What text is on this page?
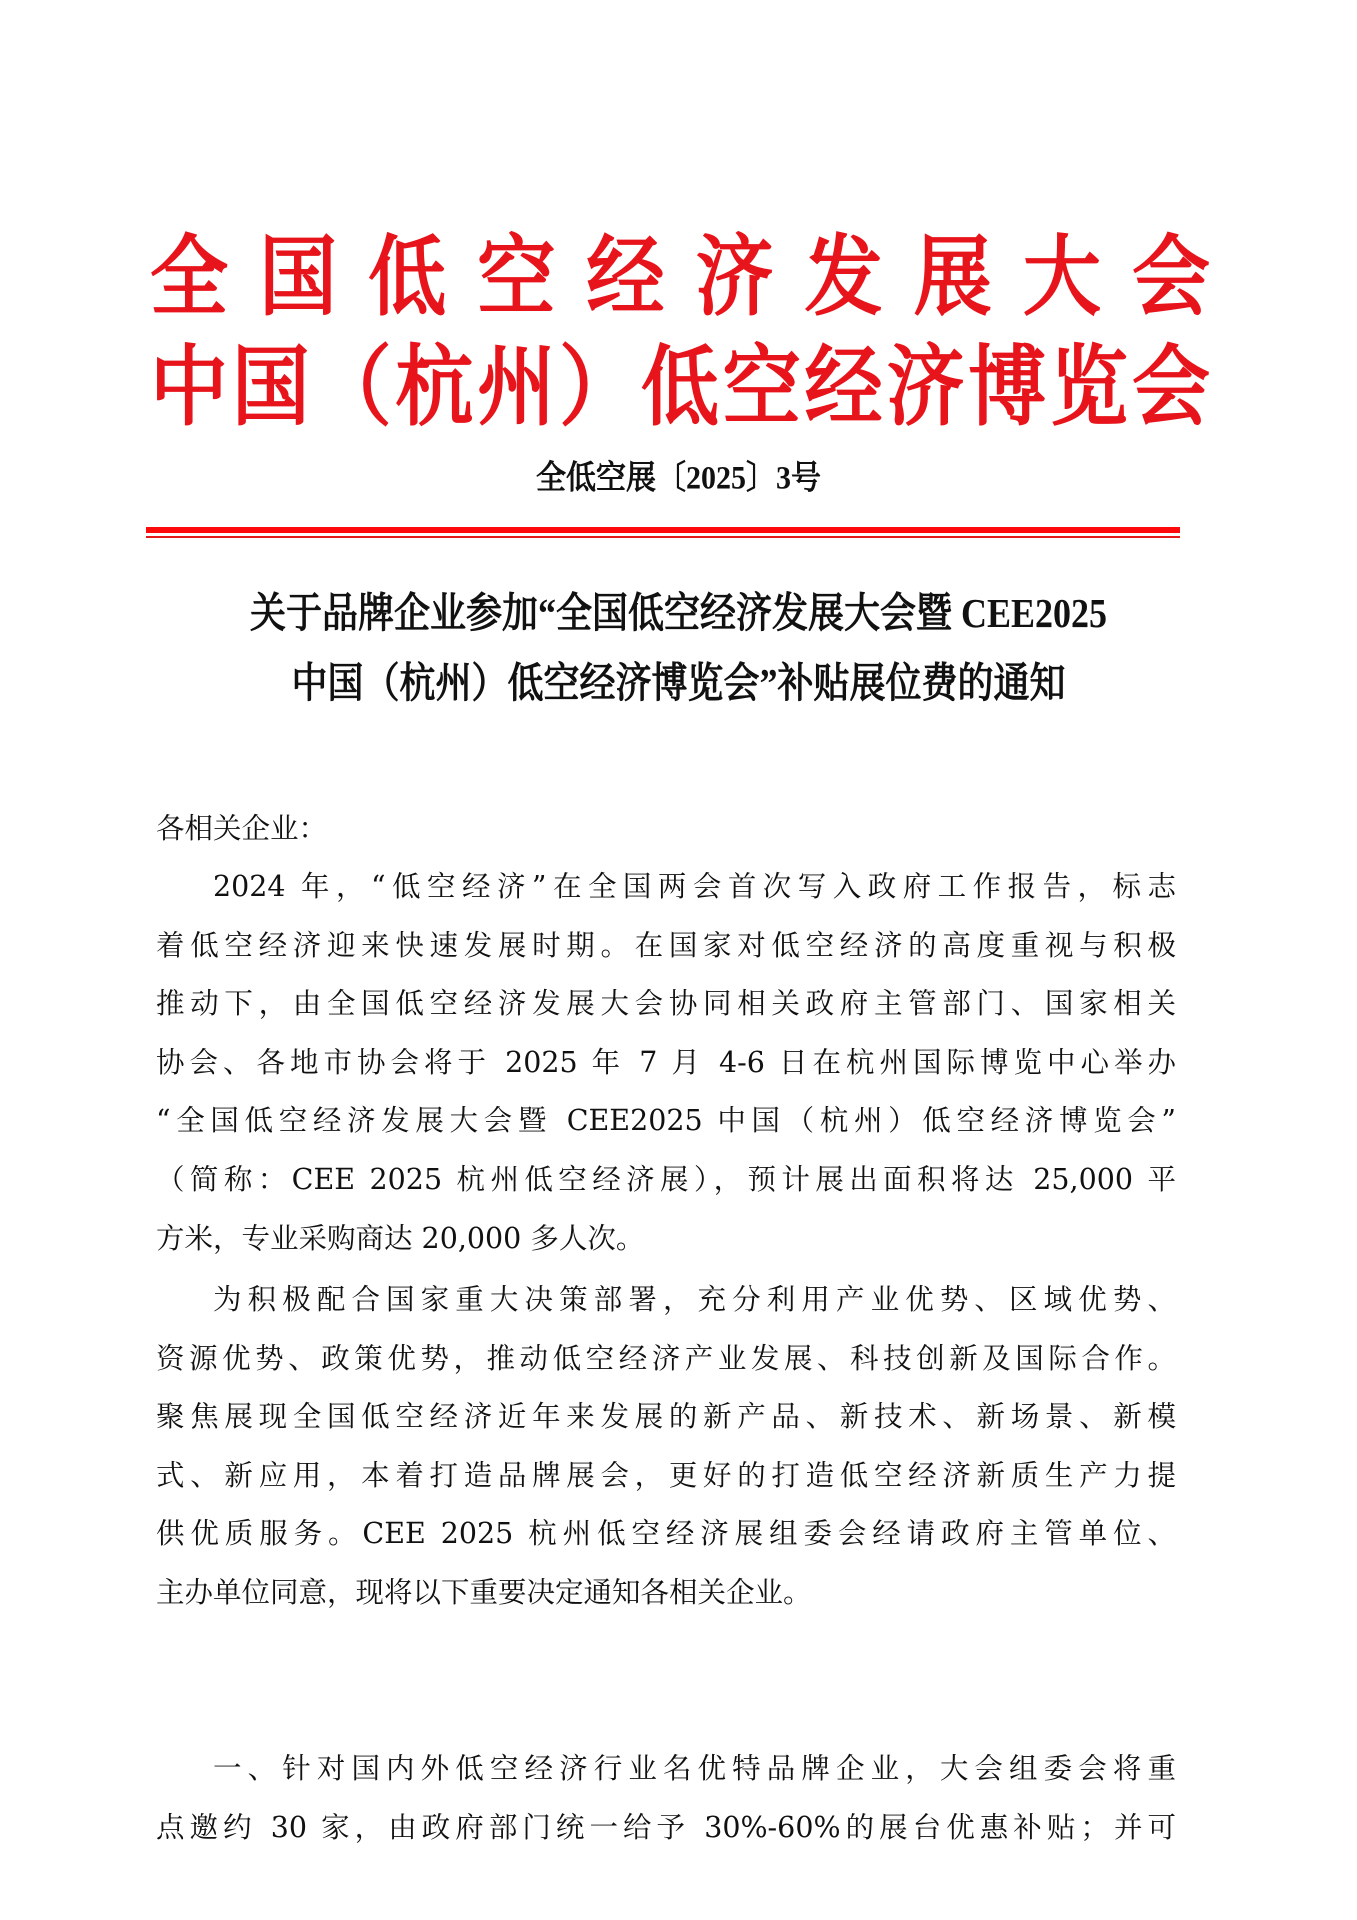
全 国 低 空 经 济 发 展 大 会
中 国 （ 杭 州 ） 低 空 经 济 博 览 会
全低空展〔2025〕3号
关于品牌企业参加“全国低空经济发展大会暨 CEE2025
中国（杭州）低空经济博览会”补贴展位费的通知
各相关企业：
2024 年，“低空经济”在全国两会首次写入政府工作报告，标志
着低空经济迎来快速发展时期。在国家对低空经济的高度重视与积极
推动下，由全国低空经济发展大会协同相关政府主管部门、国家相关
协会、各地市协会将于 2025 年 7 月 4-6 日在杭州国际博览中心举办
“全国低空经济发展大会暨 CEE2025 中国（杭州）低空经济博览会”
（简称：CEE 2025 杭州低空经济展），预计展出面积将达 25,000 平
方米，专业采购商达 20,000 多人次。
为积极配合国家重大决策部署，充分利用产业优势、区域优势、
资源优势、政策优势，推动低空经济产业发展、科技创新及国际合作。
聚焦展现全国低空经济近年来发展的新产品、新技术、新场景、新模
式、新应用，本着打造品牌展会，更好的打造低空经济新质生产力提
供优质服务。CEE 2025 杭州低空经济展组委会经请政府主管单位、
主办单位同意，现将以下重要决定通知各相关企业。
一、针对国内外低空经济行业名优特品牌企业，大会组委会将重
点邀约 30 家，由政府部门统一给予 30%-60%的展台优惠补贴；并可
